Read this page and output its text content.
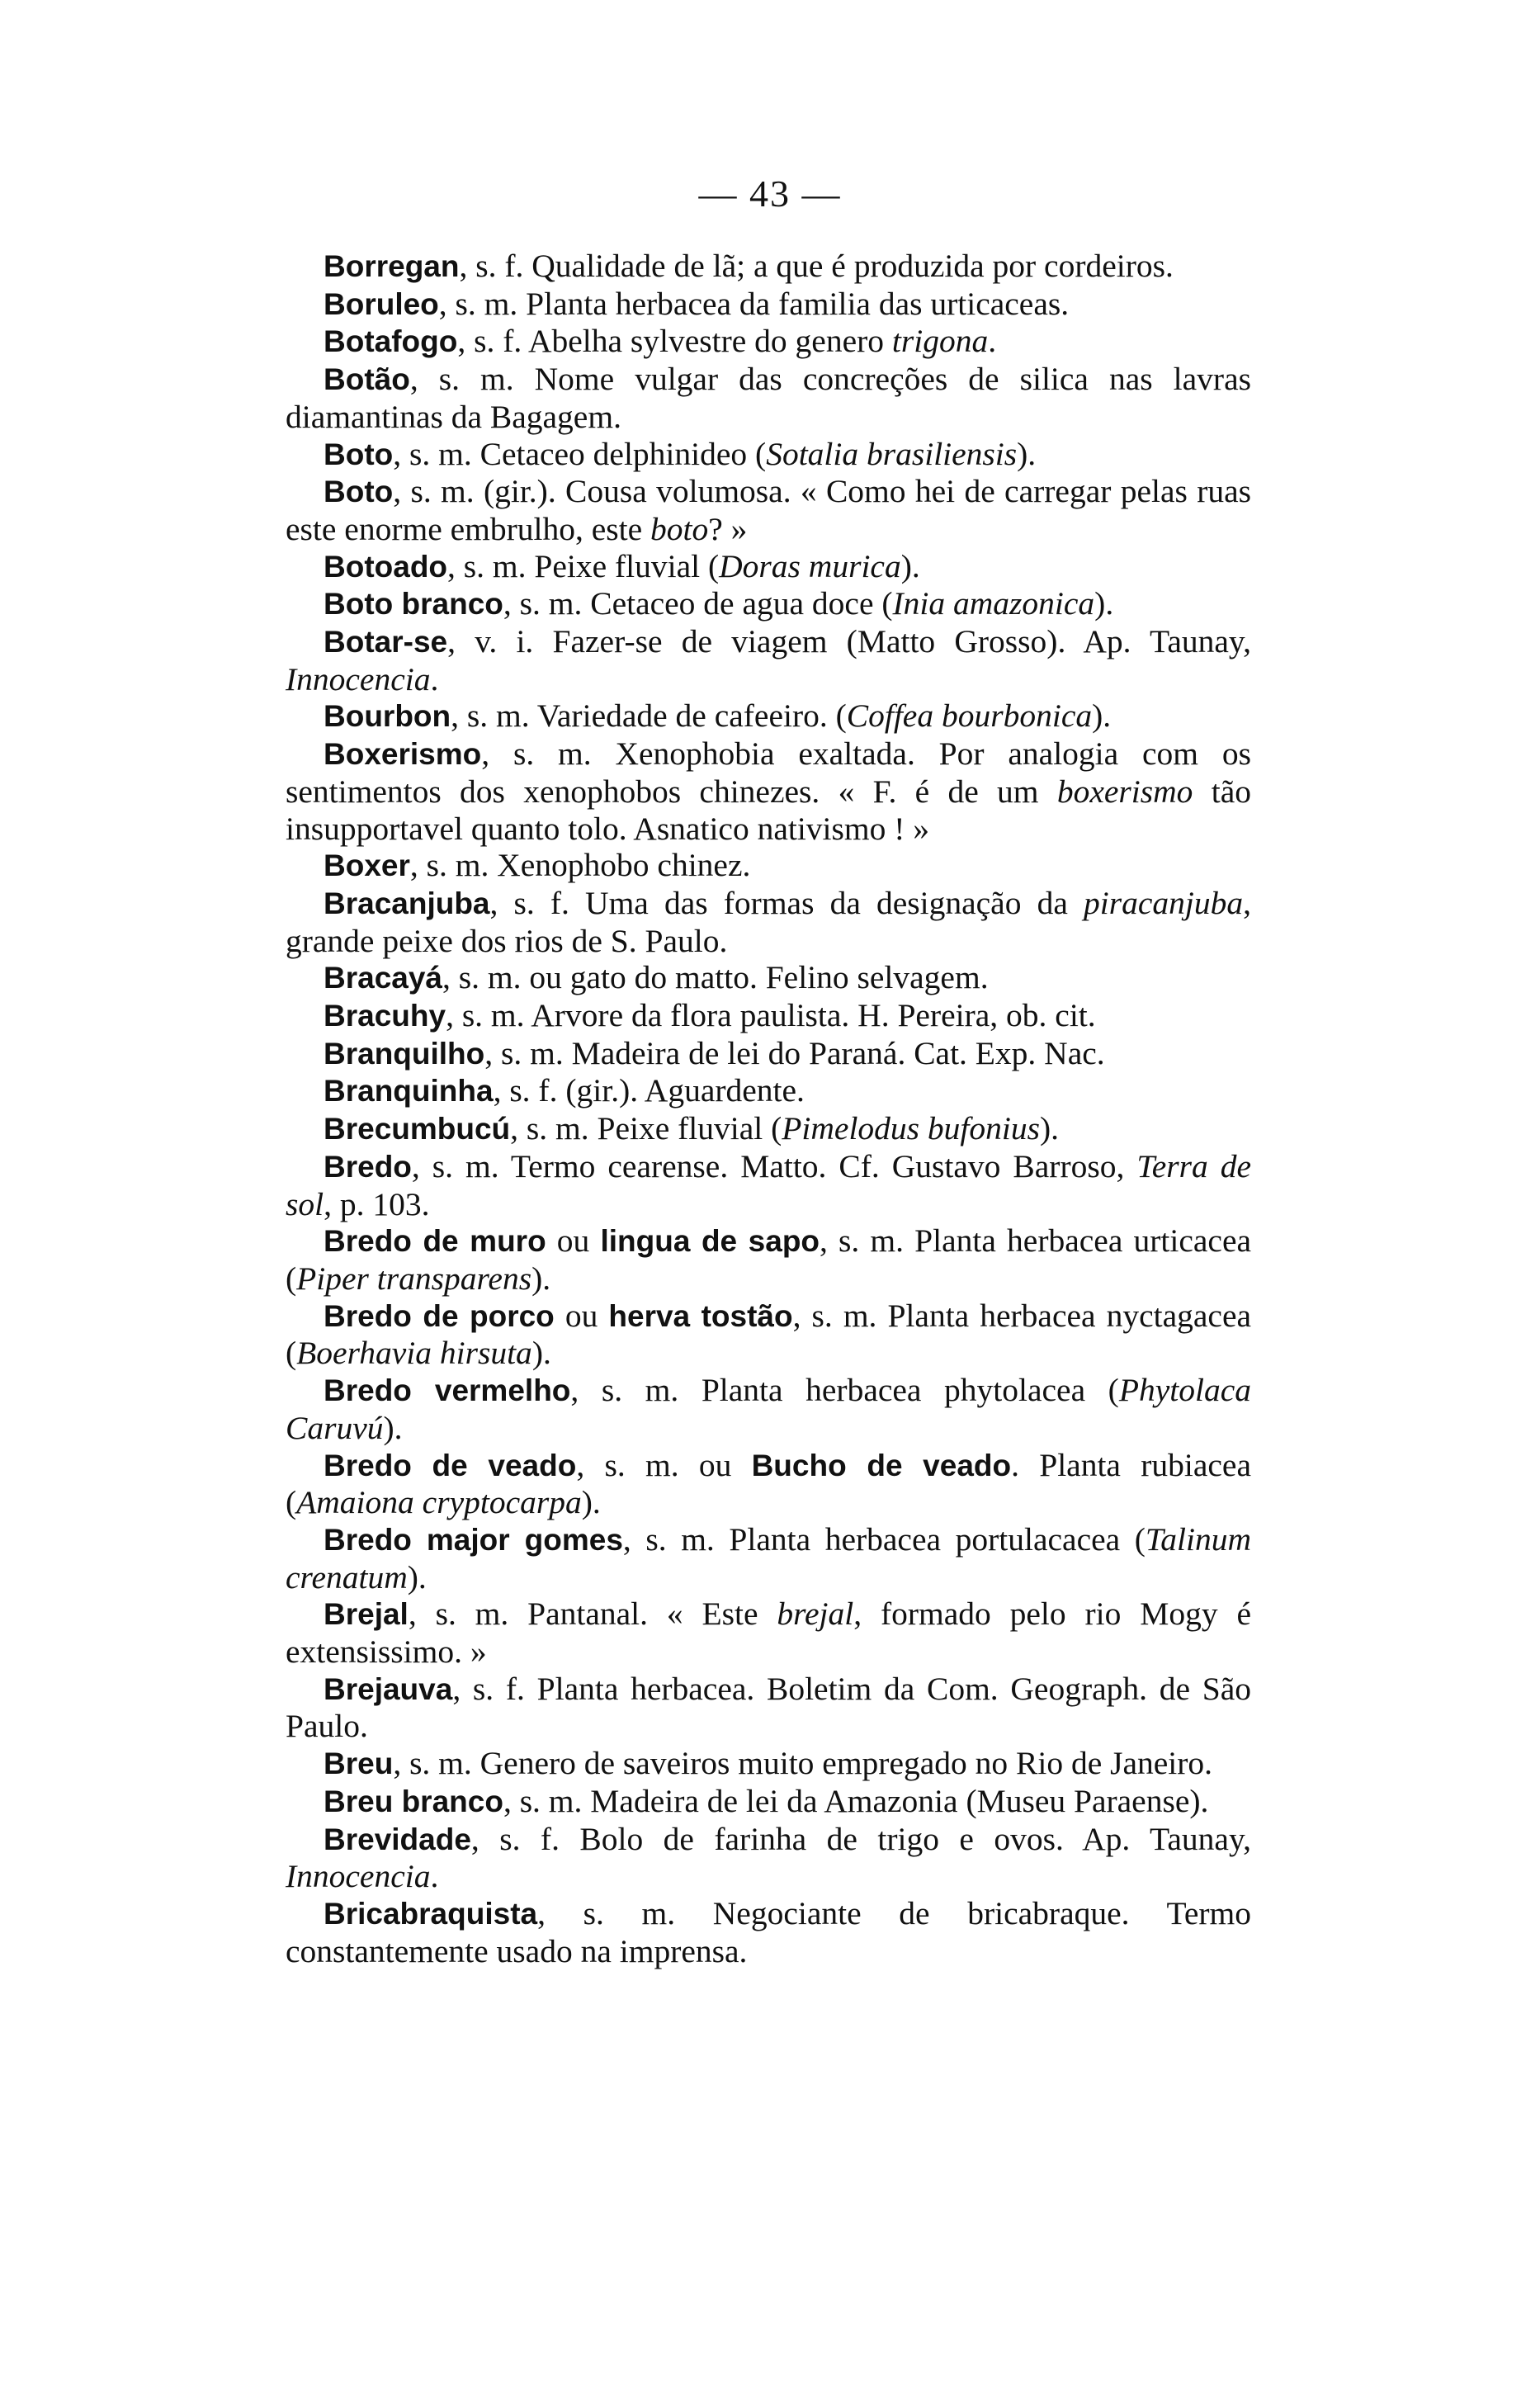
— 43 —

Borregan, s. f. Qualidade de lã; a que é produzida por cordeiros.

Boruleo, s. m. Planta herbacea da familia das urticaceas.

Botafogo, s. f. Abelha sylvestre do genero trigona.

Botão, s. m. Nome vulgar das concreções de silica nas lavras diamantinas da Bagagem.

Boto, s. m. Cetaceo delphinideo (Sotalia brasiliensis).

Boto, s. m. (gir.). Cousa volumosa. « Como hei de carregar pelas ruas este enorme embrulho, este boto? »

Botoado, s. m. Peixe fluvial (Doras murica).

Boto branco, s. m. Cetaceo de agua doce (Inia amazonica).

Botar-se, v. i. Fazer-se de viagem (Matto Grosso). Ap. Taunay, Innocencia.

Bourbon, s. m. Variedade de cafeeiro. (Coffea bourbonica).

Boxerismo, s. m. Xenophobia exaltada. Por analogia com os sentimentos dos xenophobos chinezes. « F. é de um boxerismo tão insupportavel quanto tolo. Asnatico nativismo ! »

Boxer, s. m. Xenophobo chinez.

Bracanjuba, s. f. Uma das formas da designação da piracanjuba, grande peixe dos rios de S. Paulo.

Bracayá, s. m. ou gato do matto. Felino selvagem.

Bracuhy, s. m. Arvore da flora paulista. H. Pereira, ob. cit.

Branquilho, s. m. Madeira de lei do Paraná. Cat. Exp. Nac.

Branquinha, s. f. (gir.). Aguardente.

Brecumbucú, s. m. Peixe fluvial (Pimelodus bufonius).

Bredo, s. m. Termo cearense. Matto. Cf. Gustavo Barroso, Terra de sol, p. 103.

Bredo de muro ou lingua de sapo, s. m. Planta herbacea urticacea (Piper transparens).

Bredo de porco ou herva tostão, s. m. Planta herbacea nyctagacea (Boerhavia hirsuta).

Bredo vermelho, s. m. Planta herbacea phytolacea (Phytolaca Caruvú).

Bredo de veado, s. m. ou Bucho de veado. Planta rubiacea (Amaiona cryptocarpa).

Bredo major gomes, s. m. Planta herbacea portulacacea (Talinum crenatum).

Brejal, s. m. Pantanal. « Este brejal, formado pelo rio Mogy é extensissimo. »

Brejauva, s. f. Planta herbacea. Boletim da Com. Geograph. de São Paulo.

Breu, s. m. Genero de saveiros muito empregado no Rio de Janeiro.

Breu branco, s. m. Madeira de lei da Amazonia (Museu Paraense).

Brevidade, s. f. Bolo de farinha de trigo e ovos. Ap. Taunay, Innocencia.

Bricabraquista, s. m. Negociante de bricabraque. Termo constantemente usado na imprensa.
